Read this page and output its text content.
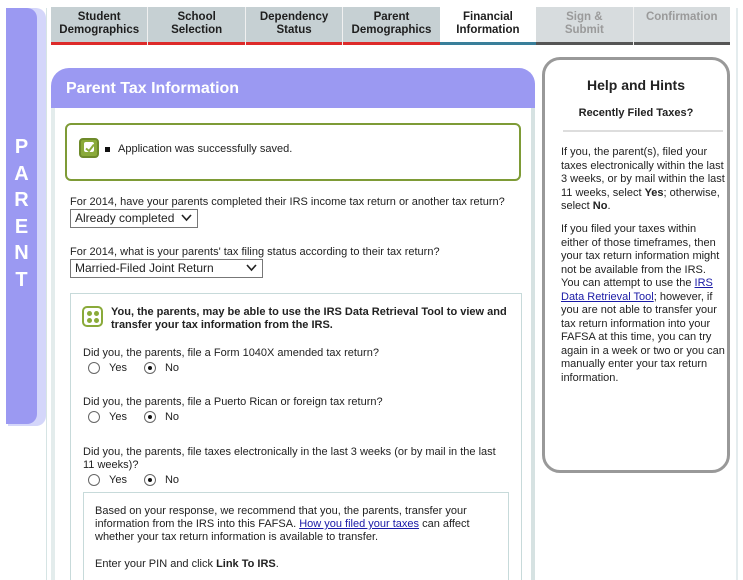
P
A
R
E
N
T
Student
Demographics
School
Selection
Dependency
Status
Parent
Demographics
Financial
Information
Sign &
Submit
Confirmation
Parent Tax Information
Application was successfully saved.
For 2014, have your parents completed their IRS income tax return or another tax return?
Already completed
For 2014, what is your parents' tax filing status according to their tax return?
Married-Filed Joint Return
You, the parents, may be able to use the IRS Data Retrieval Tool to view and transfer your tax information from the IRS.
Did you, the parents, file a Form 1040X amended tax return?
Yes	No
Did you, the parents, file a Puerto Rican or foreign tax return?
Yes	No
Did you, the parents, file taxes electronically in the last 3 weeks (or by mail in the last 11 weeks)?
Yes	No
Based on your response, we recommend that you, the parents, transfer your information from the IRS into this FAFSA. How you filed your taxes can affect whether your tax return information is available to transfer.
Enter your PIN and click Link To IRS.
Help and Hints
Recently Filed Taxes?
If you, the parent(s), filed your taxes electronically within the last 3 weeks, or by mail within the last 11 weeks, select Yes; otherwise, select No.
If you filed your taxes within either of those timeframes, then your tax return information might not be available from the IRS. You can attempt to use the IRS Data Retrieval Tool; however, if you are not able to transfer your tax return information into your FAFSA at this time, you can try again in a week or two or you can manually enter your tax return information.
